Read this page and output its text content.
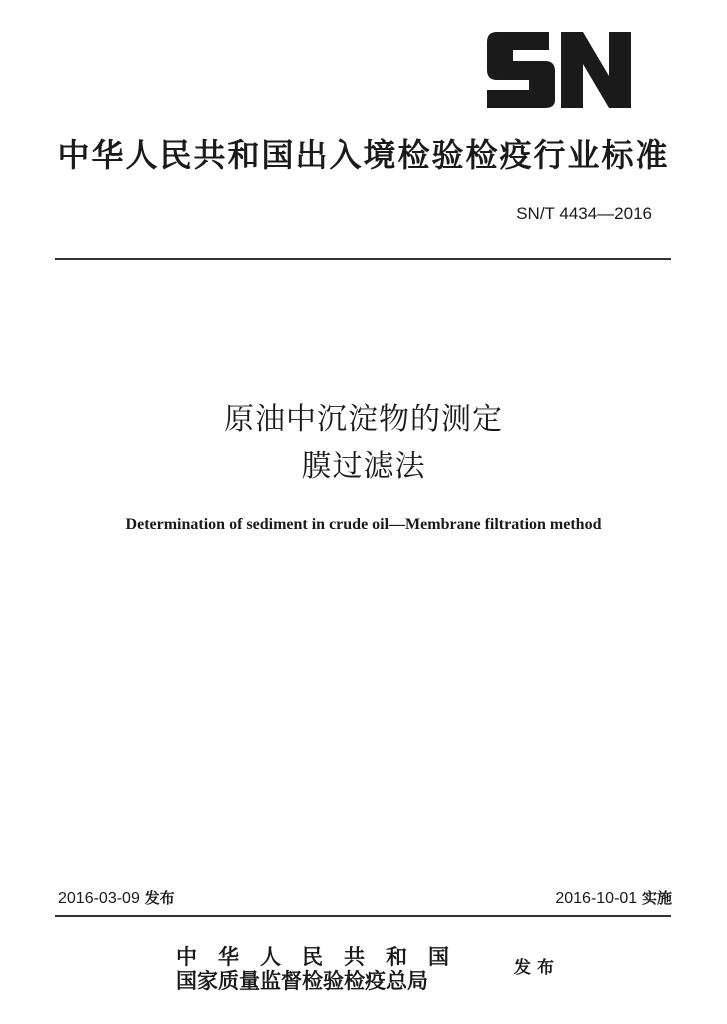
中华人民共和国出入境检验检疫行业标准
SN/T 4434—2016
原油中沉淀物的测定
膜过滤法
Determination of sediment in crude oil—Membrane filtration method
2016-03-09 发布	2016-10-01 实施
中华人民共和国
国家质量监督检验检疫总局
发布
